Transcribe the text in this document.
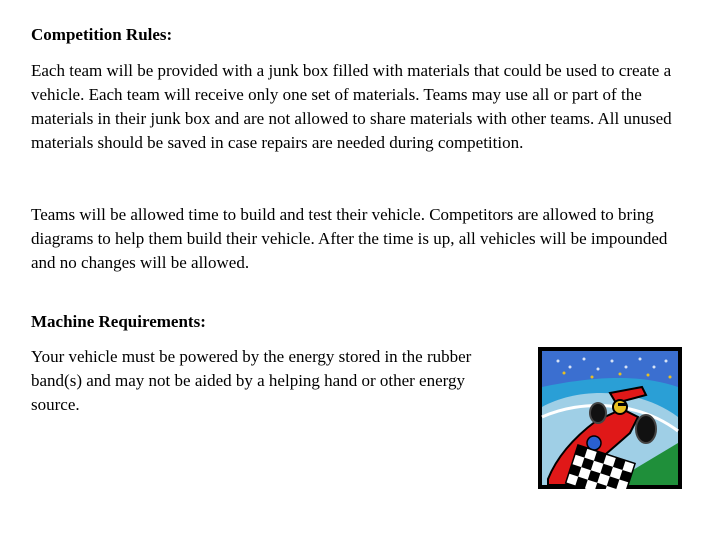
Competition Rules:

Each team will be provided with a junk box filled with materials that could be used to create a vehicle. Each team will receive only one set of materials. Teams may use all or part of the materials in their junk box and are not allowed to share materials with other teams. All unused materials should be saved in case repairs are needed during competition.

Teams will be allowed time to build and test their vehicle. Competitors are allowed to bring diagrams to help them build their vehicle. After the time is up, all vehicles will be impounded and no changes will be allowed.

Machine Requirements:

Your vehicle must be powered by the energy stored in the rubber band(s) and may not be aided by a helping hand or other energy source.
